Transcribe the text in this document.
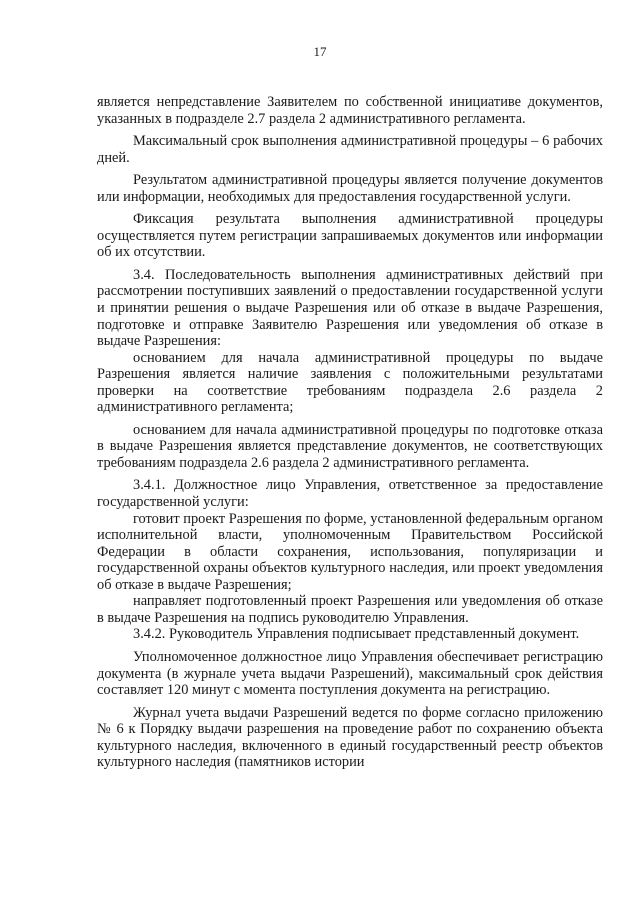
17

является непредставление Заявителем по собственной инициативе документов, указанных в подразделе 2.7 раздела 2 административного регламента.

Максимальный срок выполнения административной процедуры – 6 рабочих дней.

Результатом административной процедуры является получение документов или информации, необходимых для предоставления государственной услуги.

Фиксация результата выполнения административной процедуры осуществляется путем регистрации запрашиваемых документов или информации об их отсутствии.

3.4. Последовательность выполнения административных действий при рассмотрении поступивших заявлений о предоставлении государственной услуги и принятии решения о выдаче Разрешения или об отказе в выдаче Разрешения, подготовке и отправке Заявителю Разрешения или уведомления об отказе в выдаче Разрешения:

основанием для начала административной процедуры по выдаче Разрешения является наличие заявления с положительными результатами проверки на соответствие требованиям подраздела 2.6 раздела 2 административного регламента;

основанием для начала административной процедуры по подготовке отказа в выдаче Разрешения является представление документов, не соответствующих требованиям подраздела 2.6 раздела 2 административного регламента.

3.4.1. Должностное лицо Управления, ответственное за предоставление государственной услуги:

готовит проект Разрешения по форме, установленной федеральным органом исполнительной власти, уполномоченным Правительством Российской Федерации в области сохранения, использования, популяризации и государственной охраны объектов культурного наследия, или проект уведомления об отказе в выдаче Разрешения;

направляет подготовленный проект Разрешения или уведомления об отказе в выдаче Разрешения на подпись руководителю Управления.

3.4.2. Руководитель Управления подписывает представленный документ.

Уполномоченное должностное лицо Управления обеспечивает регистрацию документа (в журнале учета выдачи Разрешений), максимальный срок действия составляет 120 минут с момента поступления документа на регистрацию.

Журнал учета выдачи Разрешений ведется по форме согласно приложению № 6 к Порядку выдачи разрешения на проведение работ по сохранению объекта культурного наследия, включенного в единый государственный реестр объектов культурного наследия (памятников истории
